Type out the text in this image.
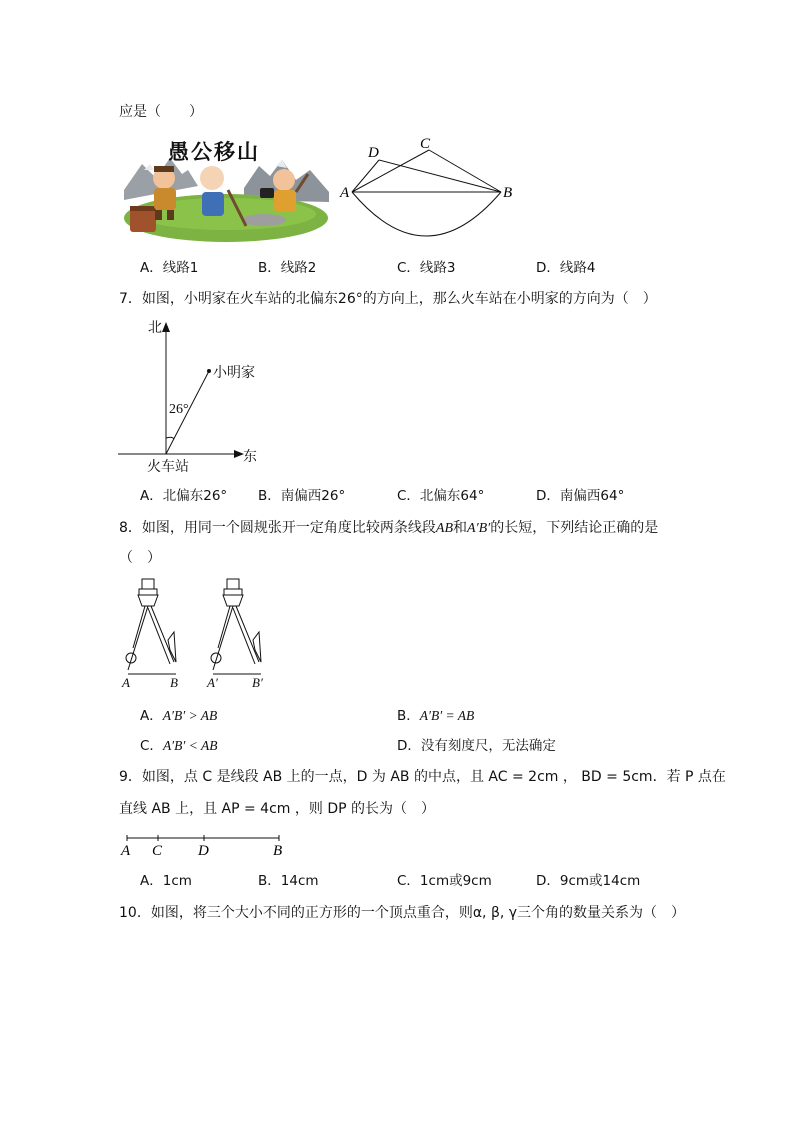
应是（　　）
愚公移山	D
C
A	B
A．线路1	B．线路2	C．线路3	D．线路4
7．如图，小明家在火车站的北偏东26°的方向上，那么火车站在小明家的方向为（　）
北
东
小明家
火车站
26°
A．北偏东26° B．南偏西26°	C．北偏东64°	D．南偏西64°
8．如图，用同一个圆规张开一定角度比较两条线段AB和A′B′的长短，下列结论正确的是
（　）
A	B A′	B′
A．A′B′ > AB	B．A′B′ = AB
C．A′B′ < AB	D．没有刻度尺，无法确定
9．如图，点 C 是线段 AB 上的一点，D 为 AB 的中点，且 AC = 2cm ， BD = 5cm．若 P 点在
直线 AB 上，且 AP = 4cm ，则 DP 的长为（　）
A C D	B
A．1cm	B．14cm	C．1cm或9cm	D．9cm或14cm
10．如图，将三个大小不同的正方形的一个顶点重合，则α, β, γ三个角的数量关系为（　）
